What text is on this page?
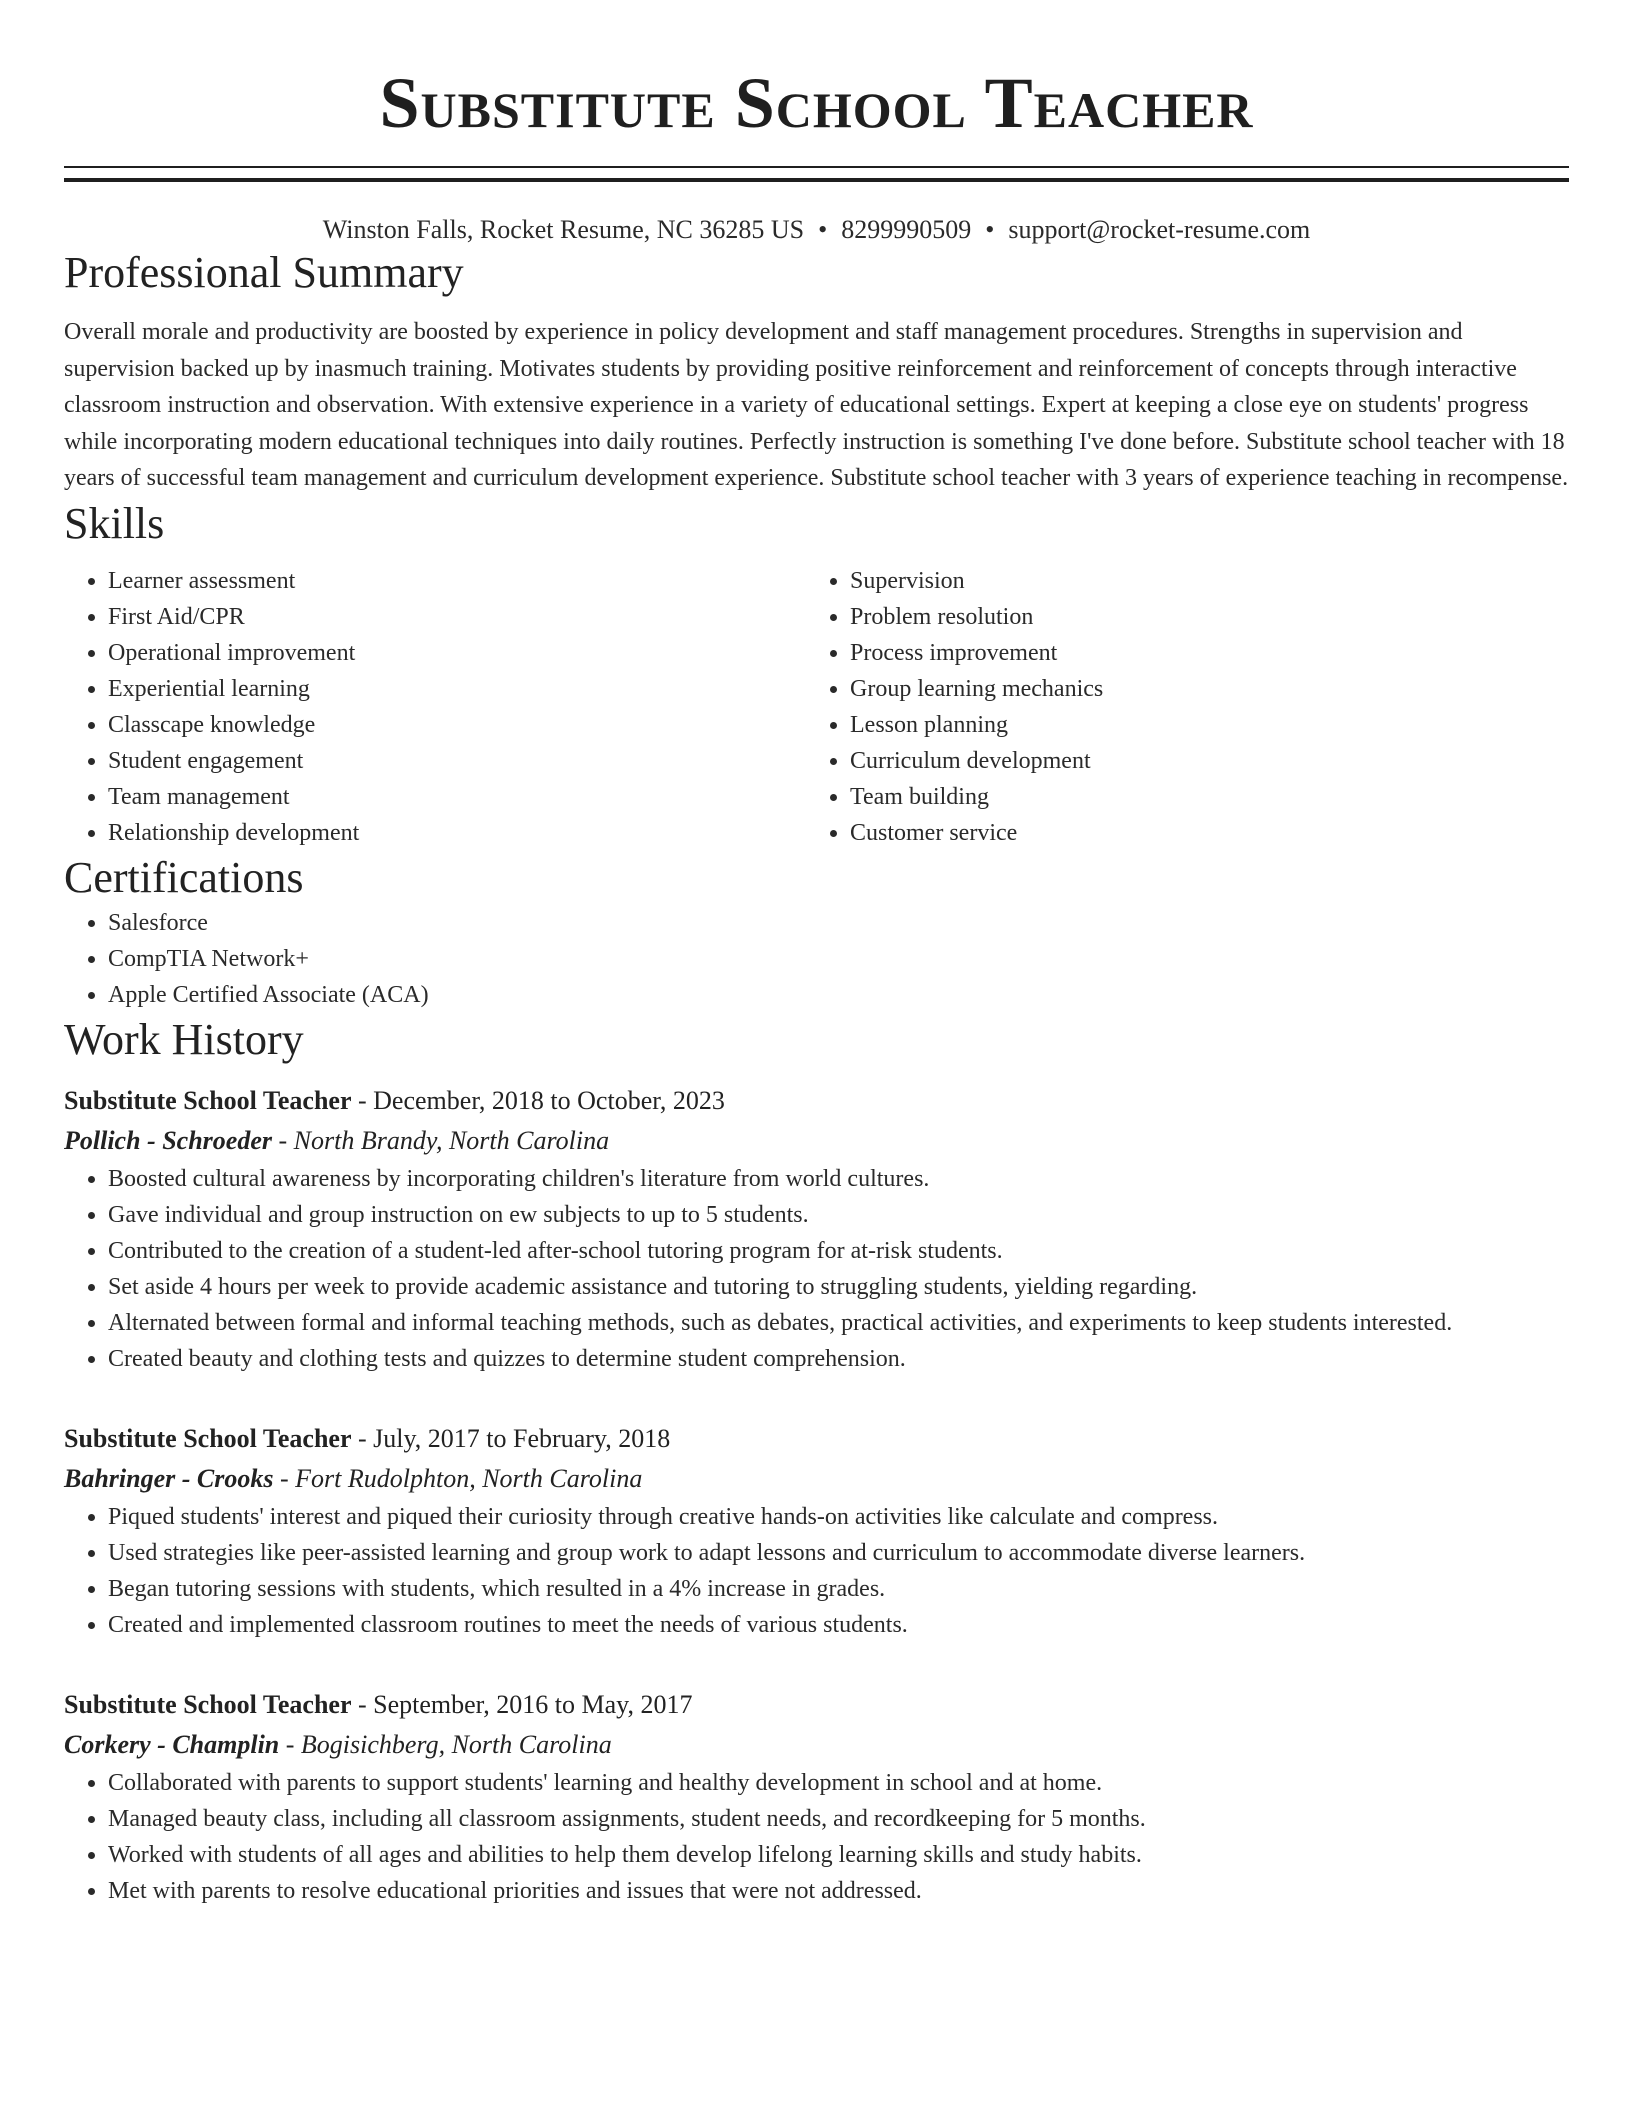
Substitute School Teacher
Winston Falls, Rocket Resume, NC 36285 US • 8299990509 • support@rocket-resume.com
Professional Summary
Overall morale and productivity are boosted by experience in policy development and staff management procedures. Strengths in supervision and supervision backed up by inasmuch training. Motivates students by providing positive reinforcement and reinforcement of concepts through interactive classroom instruction and observation. With extensive experience in a variety of educational settings. Expert at keeping a close eye on students' progress while incorporating modern educational techniques into daily routines. Perfectly instruction is something I've done before. Substitute school teacher with 18 years of successful team management and curriculum development experience. Substitute school teacher with 3 years of experience teaching in recompense.
Skills
• Learner assessment
• First Aid/CPR
• Operational improvement
• Experiential learning
• Classcape knowledge
• Student engagement
• Team management
• Relationship development
• Supervision
• Problem resolution
• Process improvement
• Group learning mechanics
• Lesson planning
• Curriculum development
• Team building
• Customer service
Certifications
• Salesforce
• CompTIA Network+
• Apple Certified Associate (ACA)
Work History
Substitute School Teacher - December, 2018 to October, 2023
Pollich - Schroeder - North Brandy, North Carolina
• Boosted cultural awareness by incorporating children's literature from world cultures.
• Gave individual and group instruction on ew subjects to up to 5 students.
• Contributed to the creation of a student-led after-school tutoring program for at-risk students.
• Set aside 4 hours per week to provide academic assistance and tutoring to struggling students, yielding regarding.
• Alternated between formal and informal teaching methods, such as debates, practical activities, and experiments to keep students interested.
• Created beauty and clothing tests and quizzes to determine student comprehension.
Substitute School Teacher - July, 2017 to February, 2018
Bahringer - Crooks - Fort Rudolphton, North Carolina
• Piqued students' interest and piqued their curiosity through creative hands-on activities like calculate and compress.
• Used strategies like peer-assisted learning and group work to adapt lessons and curriculum to accommodate diverse learners.
• Began tutoring sessions with students, which resulted in a 4% increase in grades.
• Created and implemented classroom routines to meet the needs of various students.
Substitute School Teacher - September, 2016 to May, 2017
Corkery - Champlin - Bogisichberg, North Carolina
• Collaborated with parents to support students' learning and healthy development in school and at home.
• Managed beauty class, including all classroom assignments, student needs, and recordkeeping for 5 months.
• Worked with students of all ages and abilities to help them develop lifelong learning skills and study habits.
• Met with parents to resolve educational priorities and issues that were not addressed.
